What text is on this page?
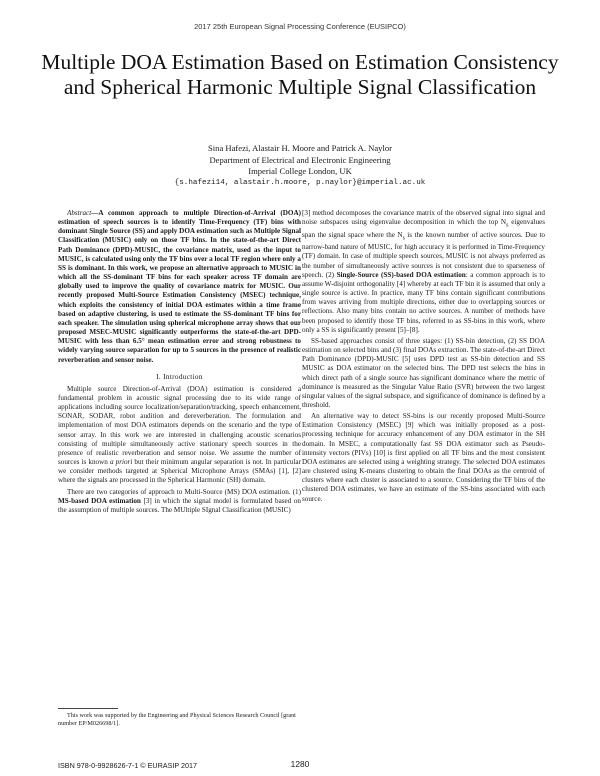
2017 25th European Signal Processing Conference (EUSIPCO)
Multiple DOA Estimation Based on Estimation Consistency and Spherical Harmonic Multiple Signal Classification
Sina Hafezi, Alastair H. Moore and Patrick A. Naylor
Department of Electrical and Electronic Engineering
Imperial College London, UK
{s.hafezi14, alastair.h.moore, p.naylor}@imperial.ac.uk

Abstract—A common approach to multiple Direction-of-Arrival (DOA) estimation of speech sources is to identify Time-Frequency (TF) bins with dominant Single Source (SS) and apply DOA estimation such as Multiple Signal Classification (MUSIC) only on those TF bins. In the state-of-the-art Direct Path Dominance (DPD)-MUSIC, the covariance matrix, used as the input to MUSIC, is calculated using only the TF bins over a local TF region where only a SS is dominant. In this work, we propose an alternative approach to MUSIC in which all the SS-dominant TF bins for each speaker across TF domain are globally used to improve the quality of covariance matrix for MUSIC. Our recently proposed Multi-Source Estimation Consistency (MSEC) technique, which exploits the consistency of initial DOA estimates within a time frame based on adaptive clustering, is used to estimate the SS-dominant TF bins for each speaker. The simulation using spherical microphone array shows that our proposed MSEC-MUSIC significantly outperforms the state-of-the-art DPD-MUSIC with less than 6.5° mean estimation error and strong robustness to widely varying source separation for up to 5 sources in the presence of realistic reverberation and sensor noise.

I. Introduction

Multiple source Direction-of-Arrival (DOA) estimation is considered a fundamental problem in acoustic signal processing due to its wide range of applications including source localization/separation/tracking, speech enhancement, SONAR, SODAR, robot audition and dereverberation. The formulation and implementation of most DOA estimators depends on the scenario and the type of sensor array. In this work we are interested in challenging acoustic scenarios consisting of multiple simultaneously active stationary speech sources in the presence of realistic reverberation and sensor noise. We assume the number of sources is known a priori but their minimum angular separation is not. In particular we consider methods targeted at Spherical Microphone Arrays (SMAs) [1], [2] where the signals are processed in the Spherical Harmonic (SH) domain.

There are two categories of approach to Multi-Source (MS) DOA estimation. (1) MS-based DOA estimation [3] in which the signal model is formulated based on the assumption of multiple sources. The MUltiple SIgnal Classification (MUSIC)

This work was supported by the Engineering and Physical Sciences Research Council [grant number EP/M026698/1].

[3] method decomposes the covariance matrix of the observed signal into signal and noise subspaces using eigenvalue decomposition in which the top $N_s$ eigenvalues span the signal space where the $N_s$ is the known number of active sources. Due to narrow-band nature of MUSIC, for high accuracy it is performed in Time-Frequency (TF) domain. In case of multiple speech sources, MUSIC is not always preferred as the number of simultaneously active sources is not consistent due to sparseness of speech. (2) Single-Source (SS)-based DOA estimation: a common approach is to assume W-disjoint orthogonality [4] whereby at each TF bin it is assumed that only a single source is active. In practice, many TF bins contain significant contributions from waves arriving from multiple directions, either due to overlapping sources or reflections. Also many bins contain no active sources. A number of methods have been proposed to identify those TF bins, referred to as SS-bins in this work, where only a SS is significantly present [5]–[8].

SS-based approaches consist of three stages: (1) SS-bin detection, (2) SS DOA estimation on selected bins and (3) final DOAs extraction. The state-of-the-art Direct Path Dominance (DPD)-MUSIC [5] uses DPD test as SS-bin detection and SS MUSIC as DOA estimator on the selected bins. The DPD test selects the bins in which direct path of a single source has significant dominance where the metric of dominance is measured as the Singular Value Ratio (SVR) between the two largest singular values of the signal subspace, and significance of dominance is defined by a threshold.

An alternative way to detect SS-bins is our recently proposed Multi-Source Estimation Consistency (MSEC) [9] which was initially proposed as a post-processing technique for accuracy enhancement of any DOA estimator in the SH domain. In MSEC, a computationally fast SS DOA estimator such as Pseudo-intensity vectors (PIVs) [10] is first applied on all TF bins and the most consistent DOA estimates are selected using a weighting strategy. The selected DOA estimates are clustered using K-means clustering to obtain the final DOAs as the centroid of clusters where each cluster is associated to a source. Considering the TF bins of the clustered DOA estimates, we have an estimate of the SS-bins associated with each source.

ISBN 978-0-9928626-7-1 © EURASIP 2017	1280
